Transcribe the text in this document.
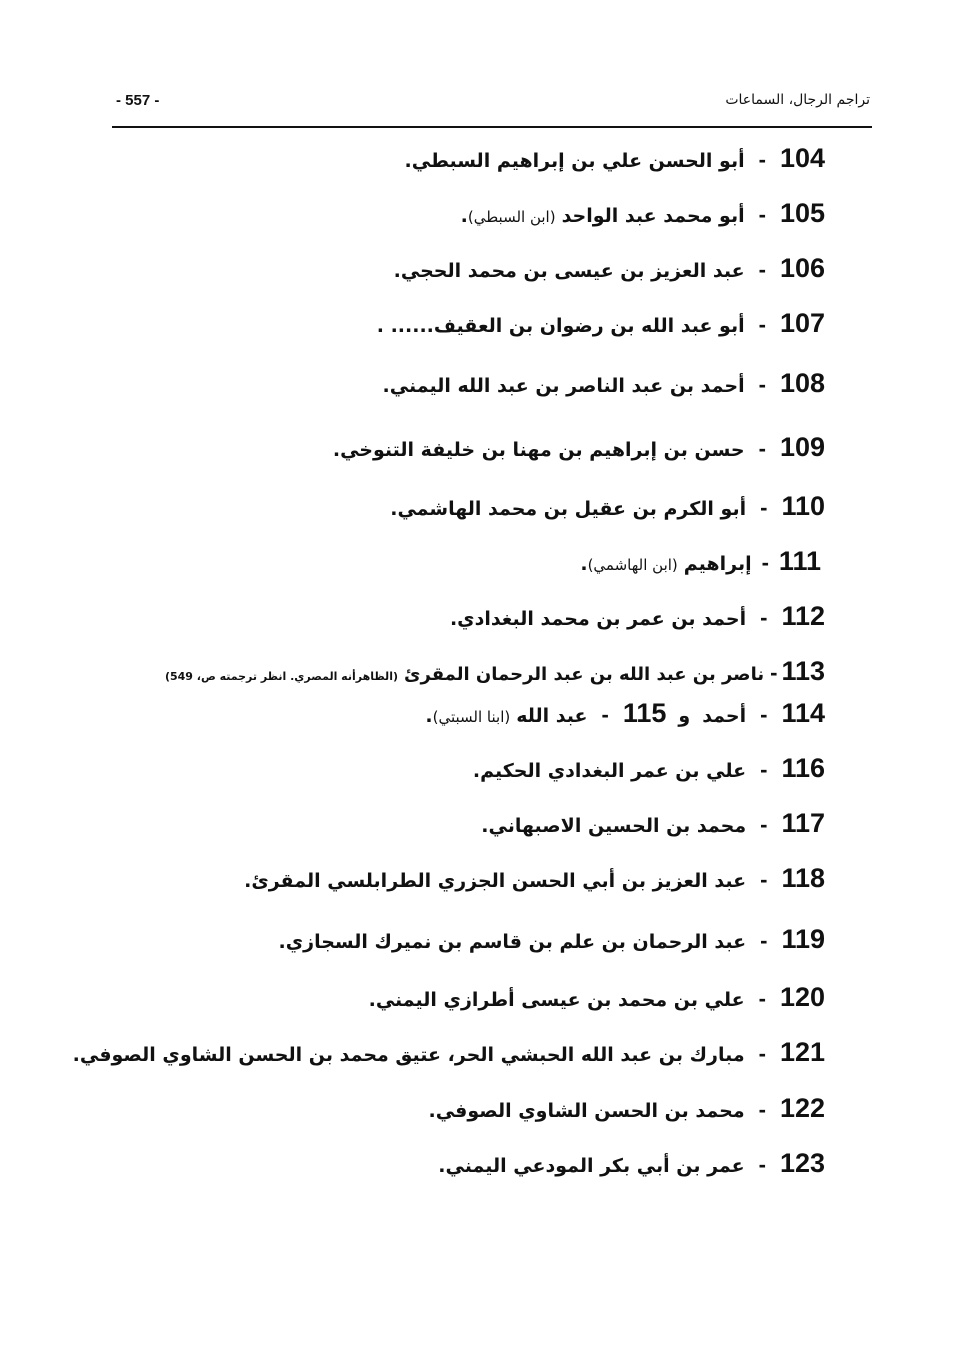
- 557 -	تراجم الرجال، السماعات
104
-
أبو الحسن علي بن إبراهيم السبطي
.
105
-
أبو محمد عبد الواحد
(ابن السبطي)
.
106
-
عبد العزيز بن عيسى بن محمد الحجي
.
107
-
أبو عبد الله بن رضوان بن العقيف
...... .
108
-
أحمد بن عبد الناصر بن عبد الله اليمني
.
109
-
حسن بن إبراهيم بن مهنا بن خليفة التنوخي
.
110
-
أبو الكرم بن عقيل بن محمد الهاشمي
.
111
-
إبراهيم
(ابن الهاشمي)
.
112
-
أحمد بن عمر بن محمد البغدادي
.
113
-
ناصر بن عبد الله بن عبد الرحمان المقرئ
(الظاهرأنه المصري. انظر ترجمته ص، 549)
114
-
أحمد
و
115
-
عبد الله
(ابنا السبتي)
.
116
-
علي بن عمر البغدادي الحكيم
.
117
-
محمد بن الحسين الاصبهاني
.
118
-
عبد العزيز بن أبي الحسن الجزري الطرابلسي المقرئ
.
119
-
عبد الرحمان بن علم بن قاسم بن نميرك السجازي
.
120
-
علي بن محمد بن عيسى أطرازي اليمني
.
121
-
مبارك بن عبد الله الحبشي الحر، عتيق محمد بن الحسن الشاوي الصوفي
.
122
-
محمد بن الحسن الشاوي الصوفي
.
123
-
عمر بن أبي بكر المودعي اليمني
.
